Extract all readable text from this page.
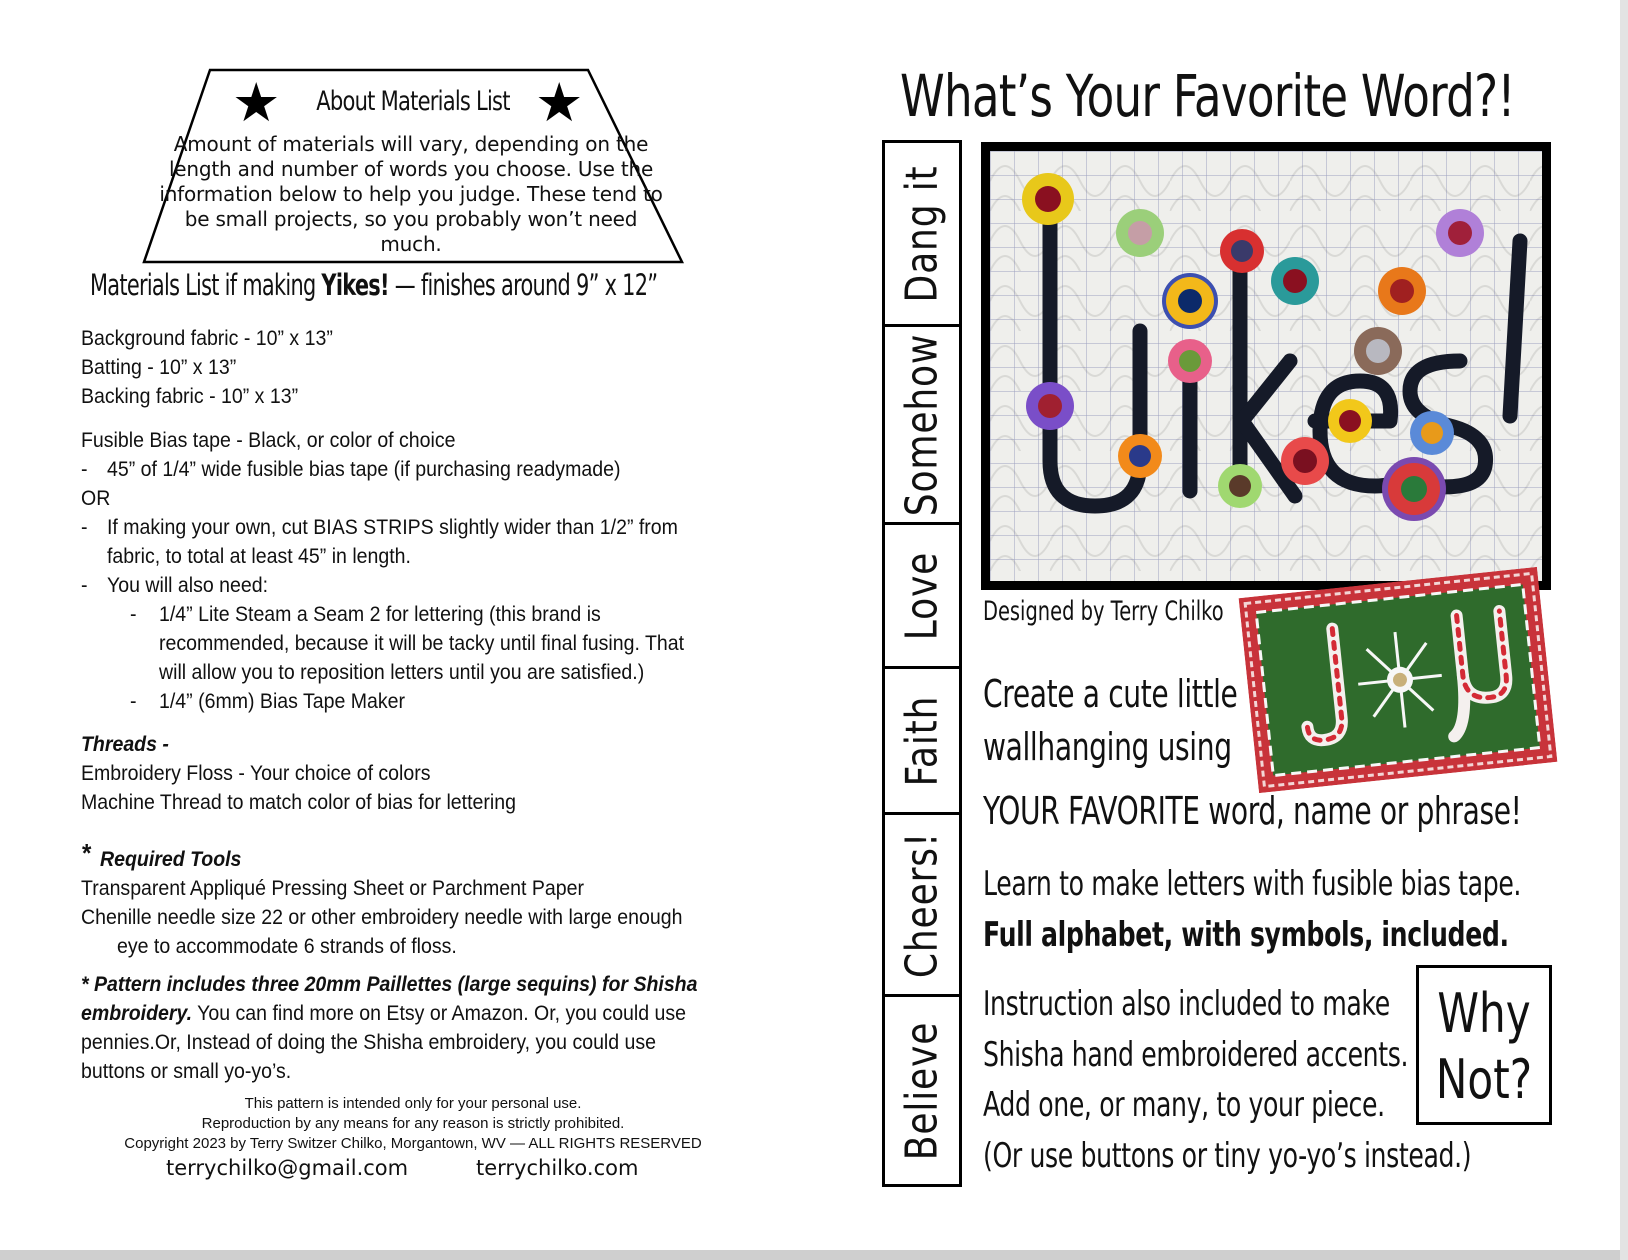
★	★
About Materials List
Amount of materials will vary, depending on the length and number of words you choose. Use the information below to help you judge. These tend to be small projects, so you probably won’t need much.
Materials List if making Yikes! — finishes around 9” x 12”
Background fabric - 10” x 13”
Batting - 10” x 13”
Backing fabric - 10” x 13”
Fusible Bias tape - Black, or color of choice
- 45” of 1/4” wide fusible bias tape (if purchasing readymade)
OR
- If making your own, cut BIAS STRIPS slightly wider than 1/2” from
fabric, to total at least 45” in length.
- You will also need:
- 1/4” Lite Steam a Seam 2 for lettering (this brand is
recommended, because it will be tacky until final fusing. That
will allow you to reposition letters until you are satisfied.)
- 1/4” (6mm) Bias Tape Maker
Threads -
Embroidery Floss - Your choice of colors
Machine Thread to match color of bias for lettering
* Required Tools
Transparent Appliqué Pressing Sheet or Parchment Paper
Chenille needle size 22 or other embroidery needle with large enough
eye to accommodate 6 strands of floss.
* Pattern includes three 20mm Paillettes (large sequins) for Shisha
embroidery. You can find more on Etsy or Amazon. Or, you could use
pennies.Or, Instead of doing the Shisha embroidery, you could use
buttons or small yo-yo’s.
This pattern is intended only for your personal use.
Reproduction by any means for any reason is strictly prohibited.
Copyright 2023 by Terry Switzer Chilko, Morgantown, WV — ALL RIGHTS RESERVED
terrychilko@gmail.com	terrychilko.com
What’s Your Favorite Word?!
Dang it
Somehow
Love
Faith
Cheers!
Believe
Designed by Terry Chilko
Create a cute little
wallhanging using
YOUR FAVORITE word, name or phrase!
Learn to make letters with fusible bias tape.
Full alphabet, with symbols, included.
Instruction also included to make
Shisha hand embroidered accents.
Add one, or many, to your piece.
(Or use buttons or tiny yo-yo’s instead.)
Why
Not?
